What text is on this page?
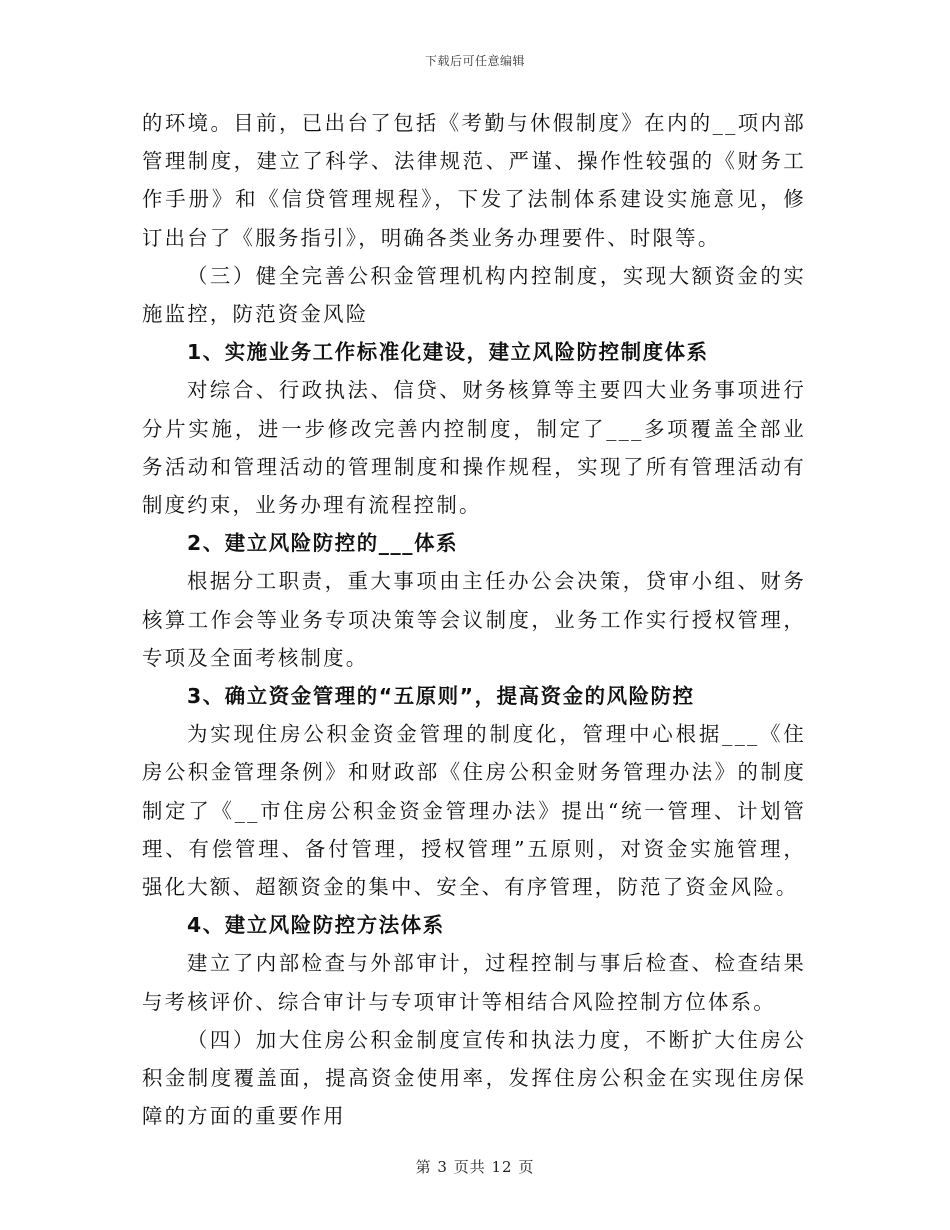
下载后可任意编辑

的环境。目前，已出台了包括《考勤与休假制度》在内的__项内部管理制度，建立了科学、法律规范、严谨、操作性较强的《财务工作手册》和《信贷管理规程》，下发了法制体系建设实施意见，修订出台了《服务指引》，明确各类业务办理要件、时限等。

（三）健全完善公积金管理机构内控制度，实现大额资金的实施监控，防范资金风险

1、实施业务工作标准化建设，建立风险防控制度体系

对综合、行政执法、信贷、财务核算等主要四大业务事项进行分片实施，进一步修改完善内控制度，制定了___多项覆盖全部业务活动和管理活动的管理制度和操作规程，实现了所有管理活动有制度约束，业务办理有流程控制。

2、建立风险防控的___体系

根据分工职责，重大事项由主任办公会决策，贷审小组、财务核算工作会等业务专项决策等会议制度，业务工作实行授权管理，专项及全面考核制度。

3、确立资金管理的“五原则”，提高资金的风险防控

为实现住房公积金资金管理的制度化，管理中心根据___《住房公积金管理条例》和财政部《住房公积金财务管理办法》的制度制定了《__市住房公积金资金管理办法》提出“统一管理、计划管理、有偿管理、备付管理，授权管理”五原则，对资金实施管理，强化大额、超额资金的集中、安全、有序管理，防范了资金风险。

4、建立风险防控方法体系

建立了内部检查与外部审计，过程控制与事后检查、检查结果与考核评价、综合审计与专项审计等相结合风险控制方位体系。

（四）加大住房公积金制度宣传和执法力度，不断扩大住房公积金制度覆盖面，提高资金使用率，发挥住房公积金在实现住房保障的方面的重要作用

第 3 页共 12 页
